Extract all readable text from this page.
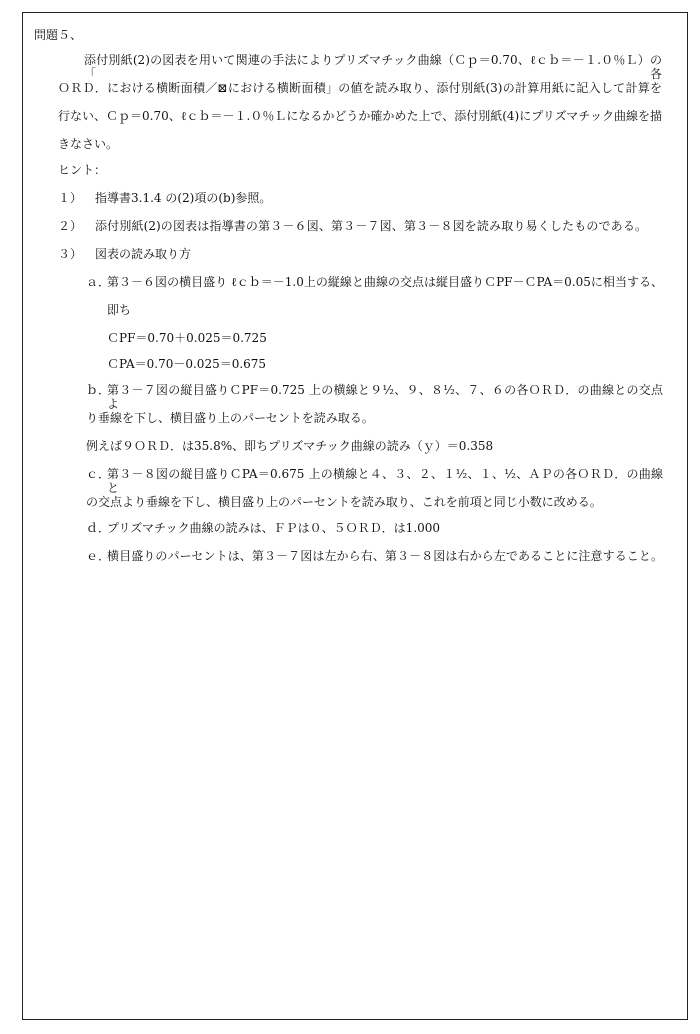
問題５、
添付別紙(2)の図表を用いて関連の手法によりプリズマチック曲線（Ｃｐ＝0.70、ℓｃｂ＝－１.０％Ｌ）の「各
ＯＲＤ．における横断面積／⊠における横断面積」の値を読み取り、添付別紙(3)の計算用紙に記入して計算を
行ない、Ｃｐ＝0.70、ℓｃｂ＝－１.０％Ｌになるかどうか確かめた上で、添付別紙(4)にプリズマチック曲線を描
きなさい。
ヒント：
１） 指導書3.1.4 の(2)項の(b)参照。
２） 添付別紙(2)の図表は指導書の第３－６図、第３－７図、第３－８図を読み取り易くしたものである。
３） 図表の読み取り方
ａ．
第３－６図の横目盛り ℓｃｂ＝－1.0上の縦線と曲線の交点は縦目盛りＣPF－ＣPA＝0.05に相当する、
即ち
ＣPF＝0.70＋0.025＝0.725
ＣPA＝0.70－0.025＝0.675
ｂ．
第３－７図の縦目盛りＣPF＝0.725 上の横線と９½、９、８½、７、６の各ＯＲＤ．の曲線との交点よ
り垂線を下し、横目盛り上のパーセントを読み取る。
例えば９ＯＲＤ．は35.8%、即ちプリズマチック曲線の読み（ｙ）＝0.358
ｃ．
第３－８図の縦目盛りＣPA＝0.675 上の横線と４、３、２、１½、１、½、ＡＰの各ＯＲＤ．の曲線と
の交点より垂線を下し、横目盛り上のパーセントを読み取り、これを前項と同じ小数に改める。
ｄ．
プリズマチック曲線の読みは、ＦＰは０、５ＯＲＤ．は1.000
ｅ．
横目盛りのパーセントは、第３－７図は左から右、第３－８図は右から左であることに注意すること。
